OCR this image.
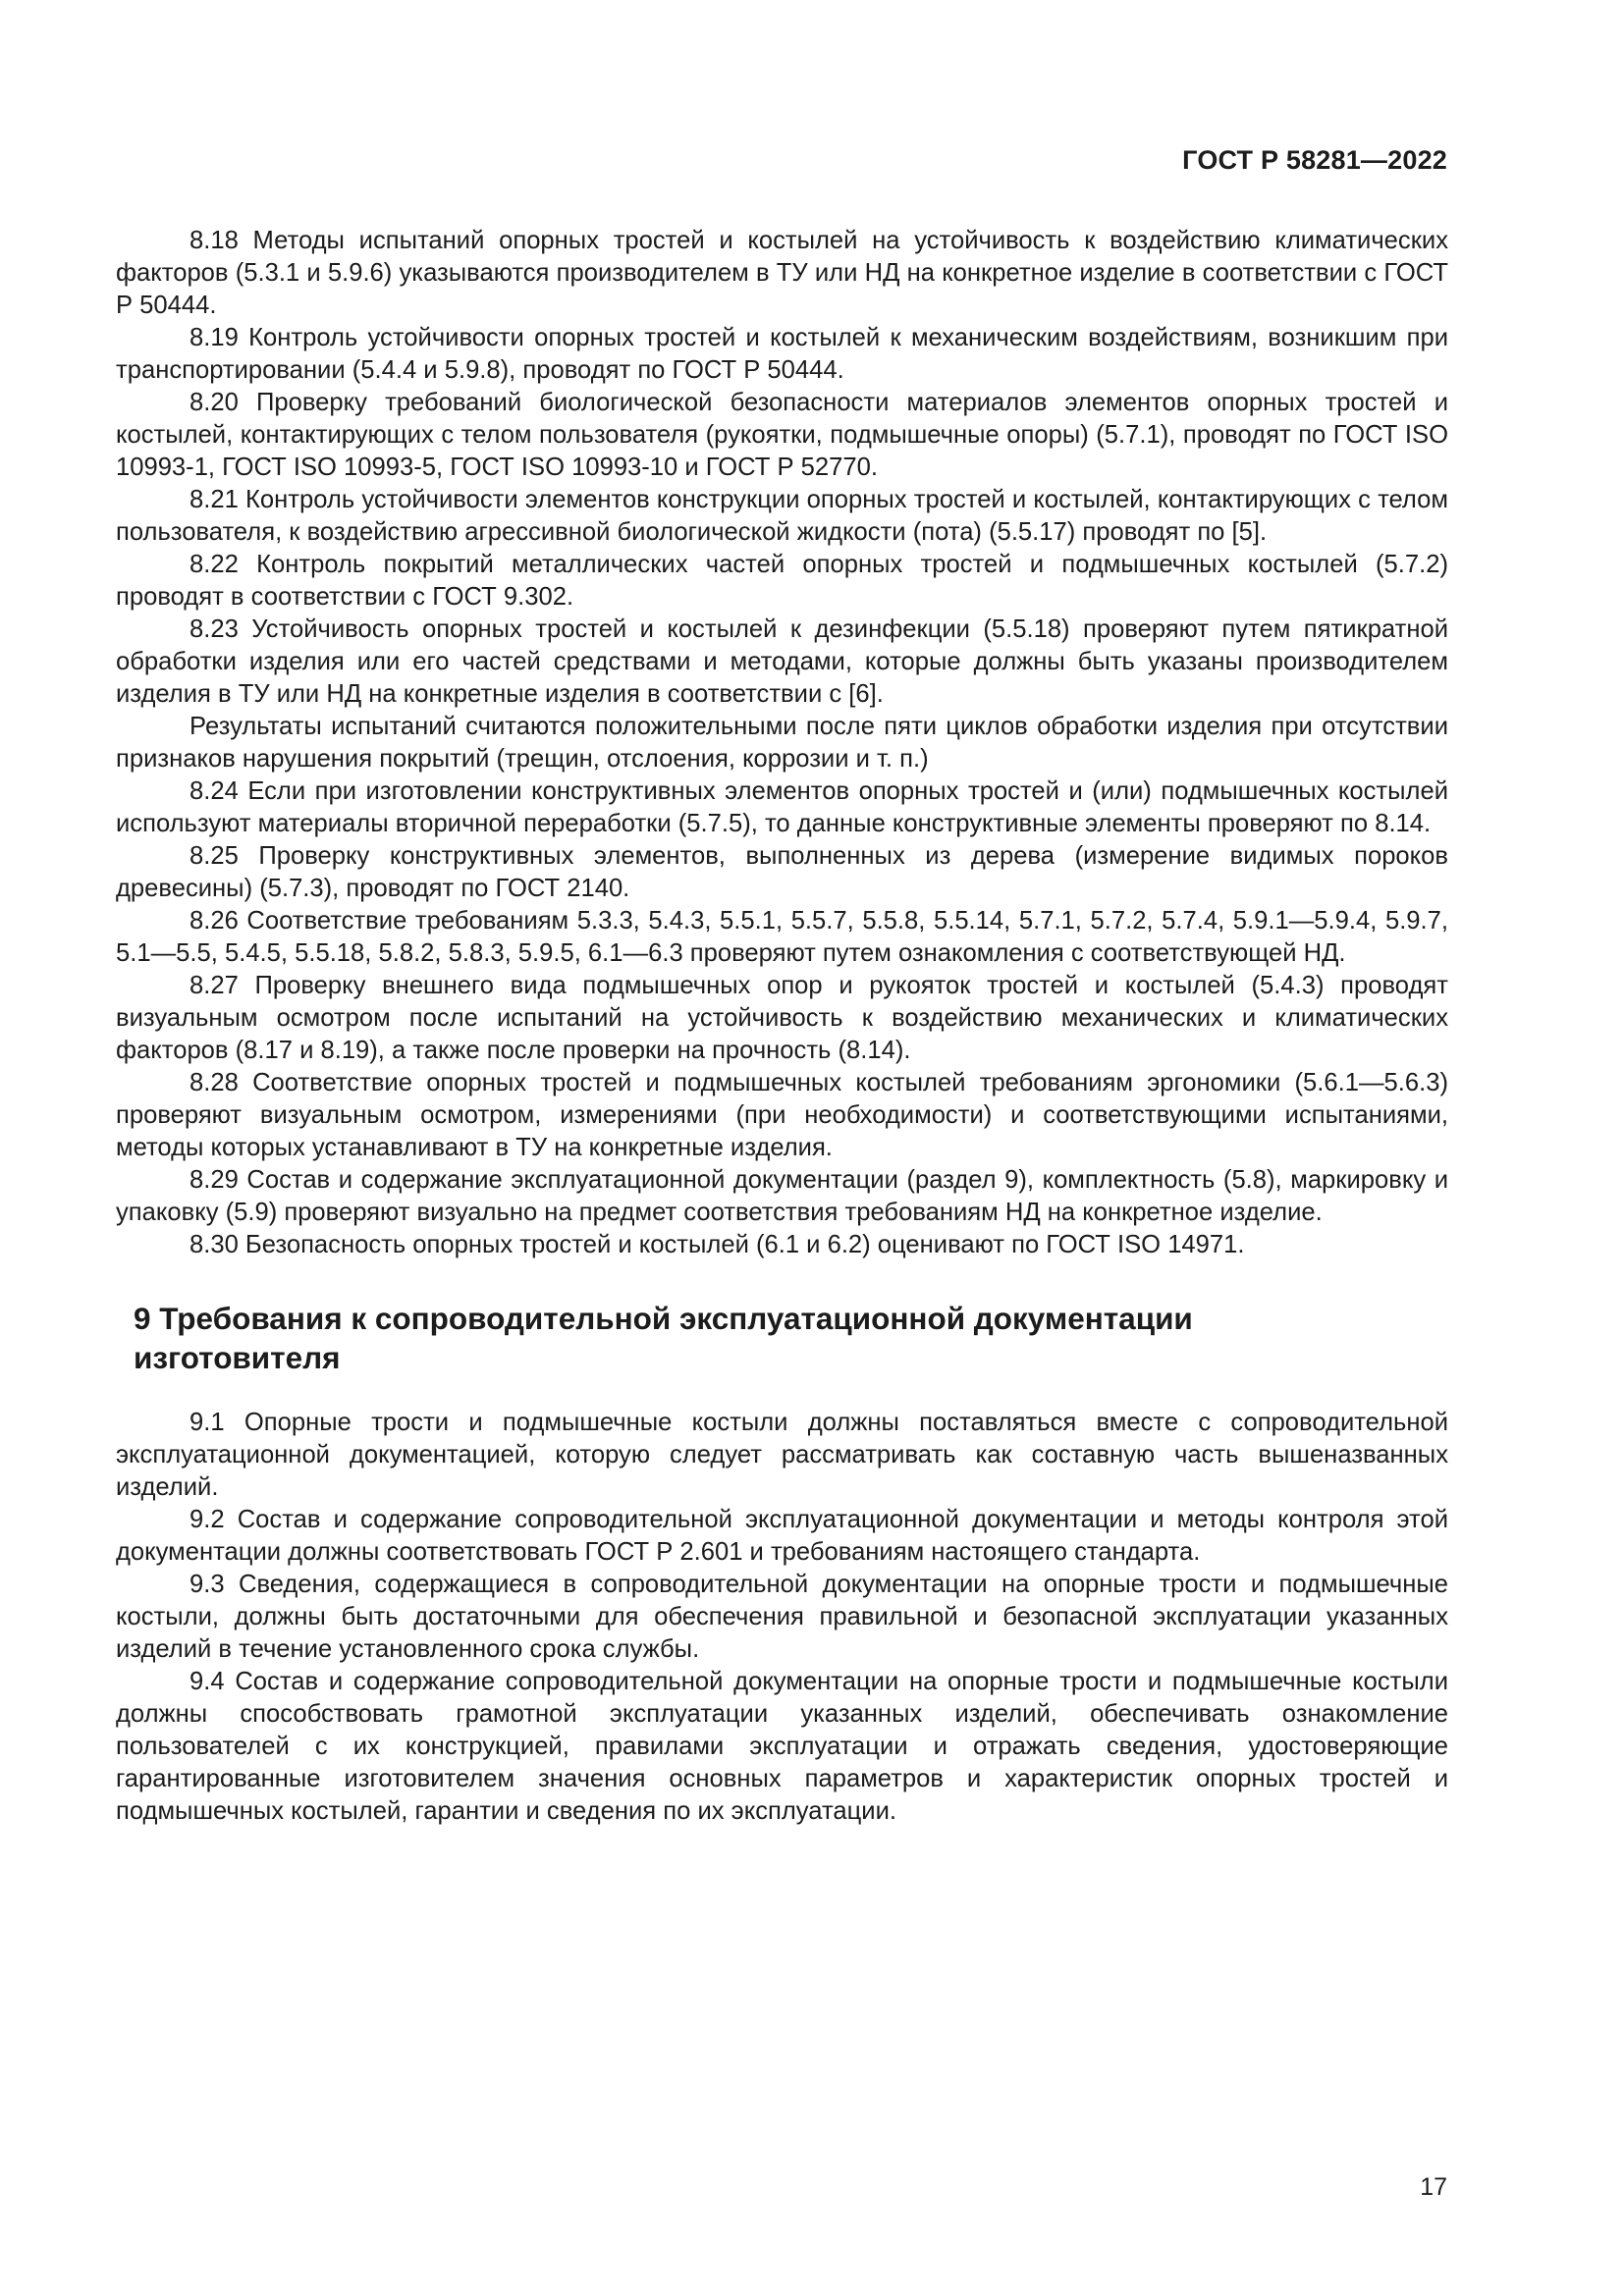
ГОСТ Р 58281—2022

8.18 Методы испытаний опорных тростей и костылей на устойчивость к воздействию климатических факторов (5.3.1 и 5.9.6) указываются производителем в ТУ или НД на конкретное изделие в соответствии с ГОСТ Р 50444.

8.19 Контроль устойчивости опорных тростей и костылей к механическим воздействиям, возникшим при транспортировании (5.4.4 и 5.9.8), проводят по ГОСТ Р 50444.

8.20 Проверку требований биологической безопасности материалов элементов опорных тростей и костылей, контактирующих с телом пользователя (рукоятки, подмышечные опоры) (5.7.1), проводят по ГОСТ ISO 10993-1, ГОСТ ISO 10993-5, ГОСТ ISO 10993-10 и ГОСТ Р 52770.

8.21 Контроль устойчивости элементов конструкции опорных тростей и костылей, контактирующих с телом пользователя, к воздействию агрессивной биологической жидкости (пота) (5.5.17) проводят по [5].

8.22 Контроль покрытий металлических частей опорных тростей и подмышечных костылей (5.7.2) проводят в соответствии с ГОСТ 9.302.

8.23 Устойчивость опорных тростей и костылей к дезинфекции (5.5.18) проверяют путем пятикратной обработки изделия или его частей средствами и методами, которые должны быть указаны производителем изделия в ТУ или НД на конкретные изделия в соответствии с [6].

Результаты испытаний считаются положительными после пяти циклов обработки изделия при отсутствии признаков нарушения покрытий (трещин, отслоения, коррозии и т. п.)

8.24 Если при изготовлении конструктивных элементов опорных тростей и (или) подмышечных костылей используют материалы вторичной переработки (5.7.5), то данные конструктивные элементы проверяют по 8.14.

8.25 Проверку конструктивных элементов, выполненных из дерева (измерение видимых пороков древесины) (5.7.3), проводят по ГОСТ 2140.

8.26 Соответствие требованиям 5.3.3, 5.4.3, 5.5.1, 5.5.7, 5.5.8, 5.5.14, 5.7.1, 5.7.2, 5.7.4, 5.9.1—5.9.4, 5.9.7, 5.1—5.5, 5.4.5, 5.5.18, 5.8.2, 5.8.3, 5.9.5, 6.1—6.3 проверяют путем ознакомления с соответствующей НД.

8.27 Проверку внешнего вида подмышечных опор и рукояток тростей и костылей (5.4.3) проводят визуальным осмотром после испытаний на устойчивость к воздействию механических и климатических факторов (8.17 и 8.19), а также после проверки на прочность (8.14).

8.28 Соответствие опорных тростей и подмышечных костылей требованиям эргономики (5.6.1—5.6.3) проверяют визуальным осмотром, измерениями (при необходимости) и соответствующими испытаниями, методы которых устанавливают в ТУ на конкретные изделия.

8.29 Состав и содержание эксплуатационной документации (раздел 9), комплектность (5.8), маркировку и упаковку (5.9) проверяют визуально на предмет соответствия требованиям НД на конкретное изделие.

8.30 Безопасность опорных тростей и костылей (6.1 и 6.2) оценивают по ГОСТ ISO 14971.

9 Требования к сопроводительной эксплуатационной документации изготовителя

9.1 Опорные трости и подмышечные костыли должны поставляться вместе с сопроводительной эксплуатационной документацией, которую следует рассматривать как составную часть вышеназванных изделий.

9.2 Состав и содержание сопроводительной эксплуатационной документации и методы контроля этой документации должны соответствовать ГОСТ Р 2.601 и требованиям настоящего стандарта.

9.3 Сведения, содержащиеся в сопроводительной документации на опорные трости и подмышечные костыли, должны быть достаточными для обеспечения правильной и безопасной эксплуатации указанных изделий в течение установленного срока службы.

9.4 Состав и содержание сопроводительной документации на опорные трости и подмышечные костыли должны способствовать грамотной эксплуатации указанных изделий, обеспечивать ознакомление пользователей с их конструкцией, правилами эксплуатации и отражать сведения, удостоверяющие гарантированные изготовителем значения основных параметров и характеристик опорных тростей и подмышечных костылей, гарантии и сведения по их эксплуатации.

17
